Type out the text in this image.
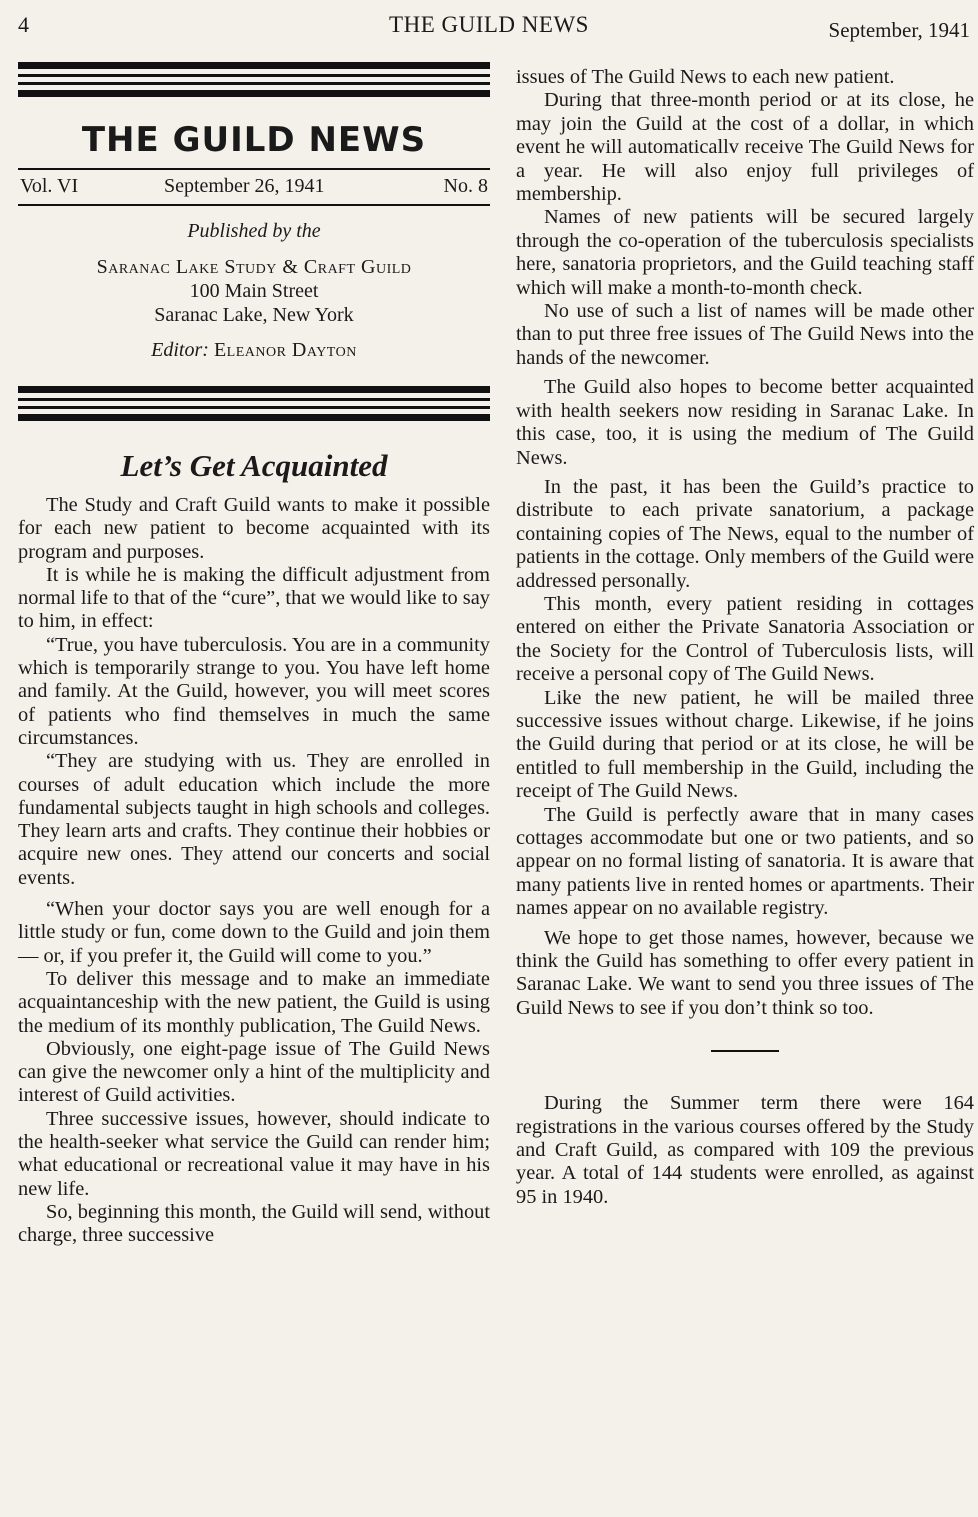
4	THE GUILD NEWS	September, 1941
THE GUILD NEWS
Vol. VI	September 26, 1941	No. 8
Published by the
Saranac Lake Study & Craft Guild
100 Main Street
Saranac Lake, New York
Editor: Eleanor Dayton
Let’s Get Acquainted

The Study and Craft Guild wants to make it possible for each new patient to become acquainted with its program and purposes.

It is while he is making the difficult adjustment from normal life to that of the “cure”, that we would like to say to him, in effect:

“True, you have tuberculosis. You are in a community which is temporarily strange to you. You have left home and family. At the Guild, however, you will meet scores of patients who find themselves in much the same circumstances.

“They are studying with us. They are enrolled in courses of adult education which include the more fundamental subjects taught in high schools and colleges. They learn arts and crafts. They continue their hobbies or acquire new ones. They attend our concerts and social events.

“When your doctor says you are well enough for a little study or fun, come down to the Guild and join them — or, if you prefer it, the Guild will come to you.”

To deliver this message and to make an immediate acquaintanceship with the new patient, the Guild is using the medium of its monthly publication, The Guild News.

Obviously, one eight-page issue of The Guild News can give the newcomer only a hint of the multiplicity and interest of Guild activities.

Three successive issues, however, should indicate to the health-seeker what service the Guild can render him; what educational or recreational value it may have in his new life.

So, beginning this month, the Guild will send, without charge, three successive

issues of The Guild News to each new patient.

During that three-month period or at its close, he may join the Guild at the cost of a dollar, in which event he will automaticallv receive The Guild News for a year. He will also enjoy full privileges of membership.

Names of new patients will be secured largely through the co-operation of the tuberculosis specialists here, sanatoria proprietors, and the Guild teaching staff which will make a month-to-month check.

No use of such a list of names will be made other than to put three free issues of The Guild News into the hands of the newcomer.

The Guild also hopes to become better acquainted with health seekers now residing in Saranac Lake. In this case, too, it is using the medium of The Guild News.

In the past, it has been the Guild’s practice to distribute to each private sanatorium, a package containing copies of The News, equal to the number of patients in the cottage. Only members of the Guild were addressed personally.

This month, every patient residing in cottages entered on either the Private Sanatoria Association or the Society for the Control of Tuberculosis lists, will receive a personal copy of The Guild News.

Like the new patient, he will be mailed three successive issues without charge. Likewise, if he joins the Guild during that period or at its close, he will be entitled to full membership in the Guild, including the receipt of The Guild News.

The Guild is perfectly aware that in many cases cottages accommodate but one or two patients, and so appear on no formal listing of sanatoria. It is aware that many patients live in rented homes or apartments. Their names appear on no available registry.

We hope to get those names, however, because we think the Guild has something to offer every patient in Saranac Lake. We want to send you three issues of The Guild News to see if you don’t think so too.

During the Summer term there were 164 registrations in the various courses offered by the Study and Craft Guild, as compared with 109 the previous year. A total of 144 students were enrolled, as against 95 in 1940.
